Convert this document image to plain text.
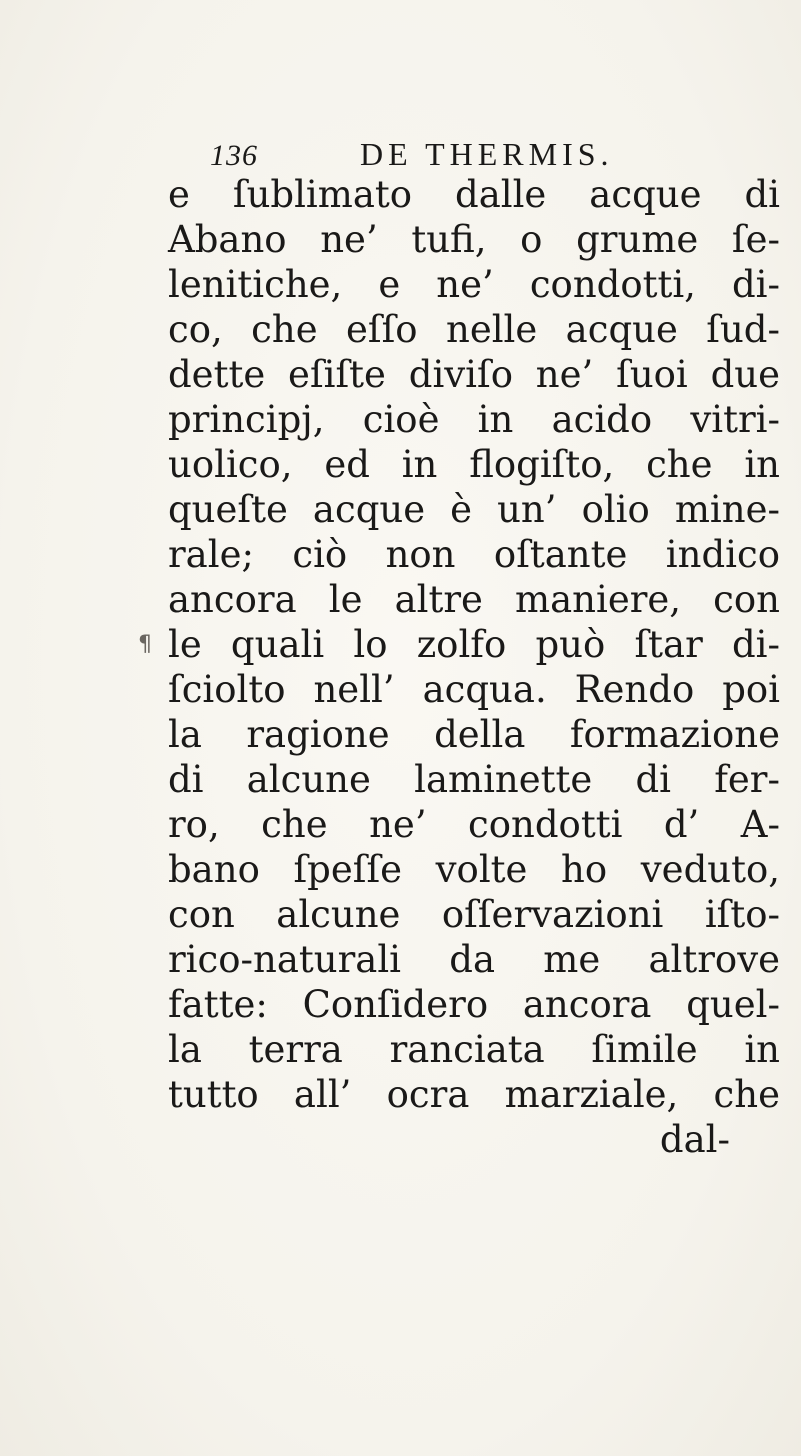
136	DE THERMIS.
¶
e ſublimato dalle acque di
Abano ne’ tufi, o grume ſe-
lenitiche, e ne’ condotti, di-
co, che eſſo nelle acque ſud-
dette eſiſte diviſo ne’ ſuoi due
principj, cioè in acido vitri-
uolico, ed in flogiſto, che in
queſte acque è un’ olio mine-
rale; ciò non oſtante indico
ancora le altre maniere, con
le quali lo zolfo può ſtar di-
ſciolto nell’ acqua. Rendo poi
la ragione della formazione
di alcune laminette di fer-
ro, che ne’ condotti d’ A-
bano ſpeſſe volte ho veduto,
con alcune oſſervazioni iſto-
rico-naturali da me altrove
fatte: Conſidero ancora quel-
la terra ranciata ſimile in
tutto all’ ocra marziale, che
dal-
